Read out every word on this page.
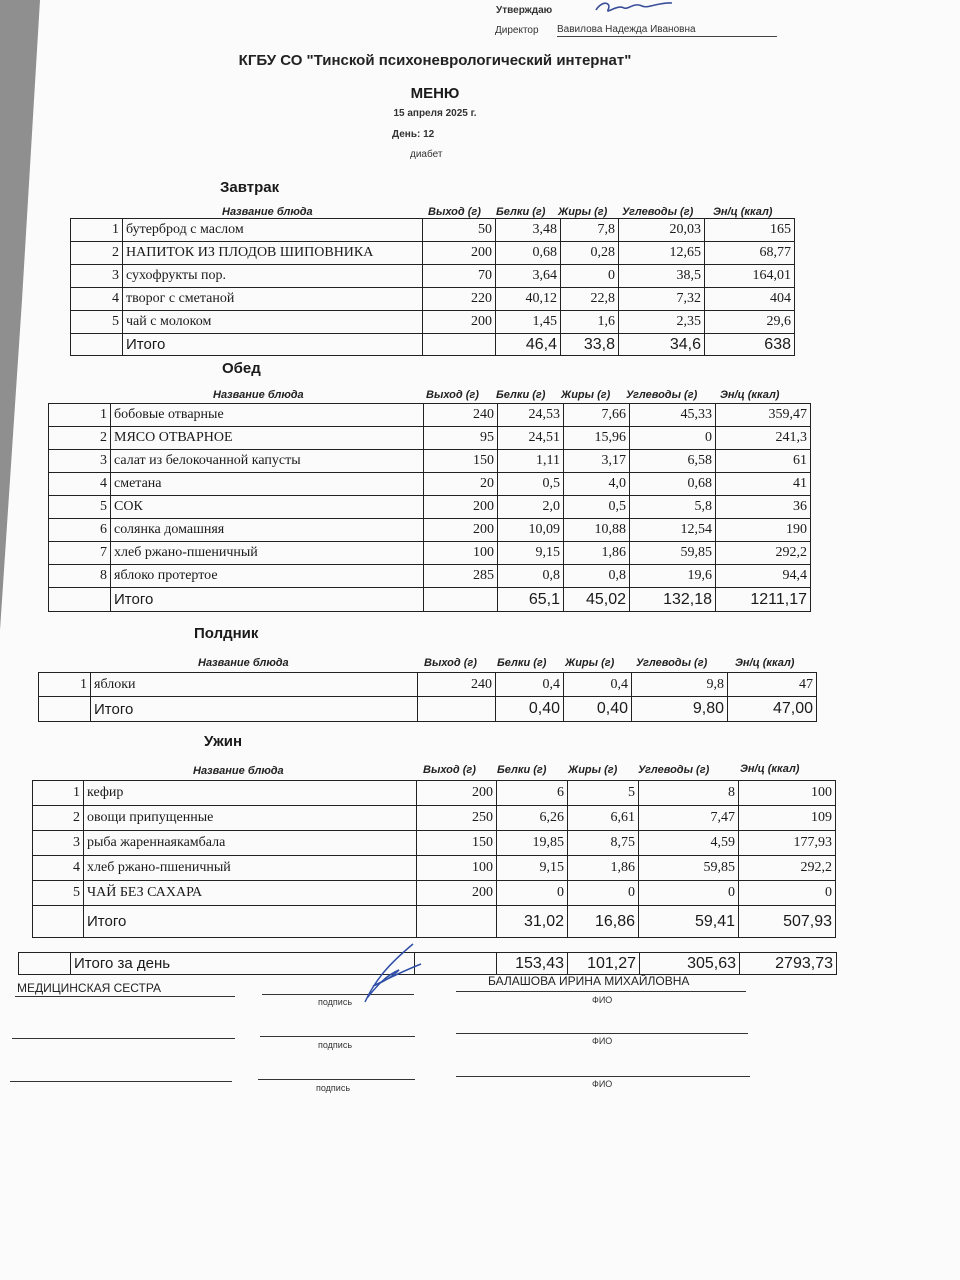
Утверждаю
Директор Вавилова Надежда Ивановна
КГБУ СО "Тинской психоневрологический интернат"
МЕНЮ
15 апреля 2025 г.
День: 12
диабет
Завтрак
Название блюда	Выход (г) Белки (г) Жиры (г) Углеводы (г) Эн/ц (ккал)
1	бутерброд с маслом	50	3,48	7,8	20,03	165
2	НАПИТОК ИЗ ПЛОДОВ ШИПОВНИКА	200	0,68	0,28	12,65	68,77
3	сухофрукты пор.	70	3,64	0	38,5	164,01
4	творог с сметаной	220	40,12	22,8	7,32	404
5	чай с молоком	200	1,45	1,6	2,35	29,6
	Итого		46,4	33,8	34,6	638
Обед
Название блюда	Выход (г) Белки (г) Жиры (г) Углеводы (г) Эн/ц (ккал)
1	бобовые отварные	240	24,53	7,66	45,33	359,47
2	МЯСО ОТВАРНОЕ	95	24,51	15,96	0	241,3
3	салат из белокочанной капусты	150	1,11	3,17	6,58	61
4	сметана	20	0,5	4,0	0,68	41
5	СОК	200	2,0	0,5	5,8	36
6	солянка домашняя	200	10,09	10,88	12,54	190
7	хлеб ржано-пшеничный	100	9,15	1,86	59,85	292,2
8	яблоко протертое	285	0,8	0,8	19,6	94,4
	Итого		65,1	45,02	132,18	1211,17
Полдник
Название блюда	Выход (г) Белки (г) Жиры (г) Углеводы (г)	Эн/ц (ккал)
1	яблоки	240	0,4	0,4	9,8	47
	Итого		0,40	0,40	9,80	47,00
Ужин
Название блюда	Выход (г) Белки (г) Жиры (г) Углеводы (г)	Эн/ц (ккал)
1	кефир	200	6	5	8	100
2	овощи припущенные	250	6,26	6,61	7,47	109
3	рыба жареннаякамбала	150	19,85	8,75	4,59	177,93
4	хлеб ржано-пшеничный	100	9,15	1,86	59,85	292,2
5	ЧАЙ БЕЗ САХАРА	200	0	0	0	0
	Итого		31,02	16,86	59,41	507,93
	Итого за день		153,43	101,27	305,63	2793,73
МЕДИЦИНСКАЯ СЕСТРА
подпись
БАЛАШОВА ИРИНА МИХАЙЛОВНА
ФИО
подпись	ФИО
подпись	ФИО
